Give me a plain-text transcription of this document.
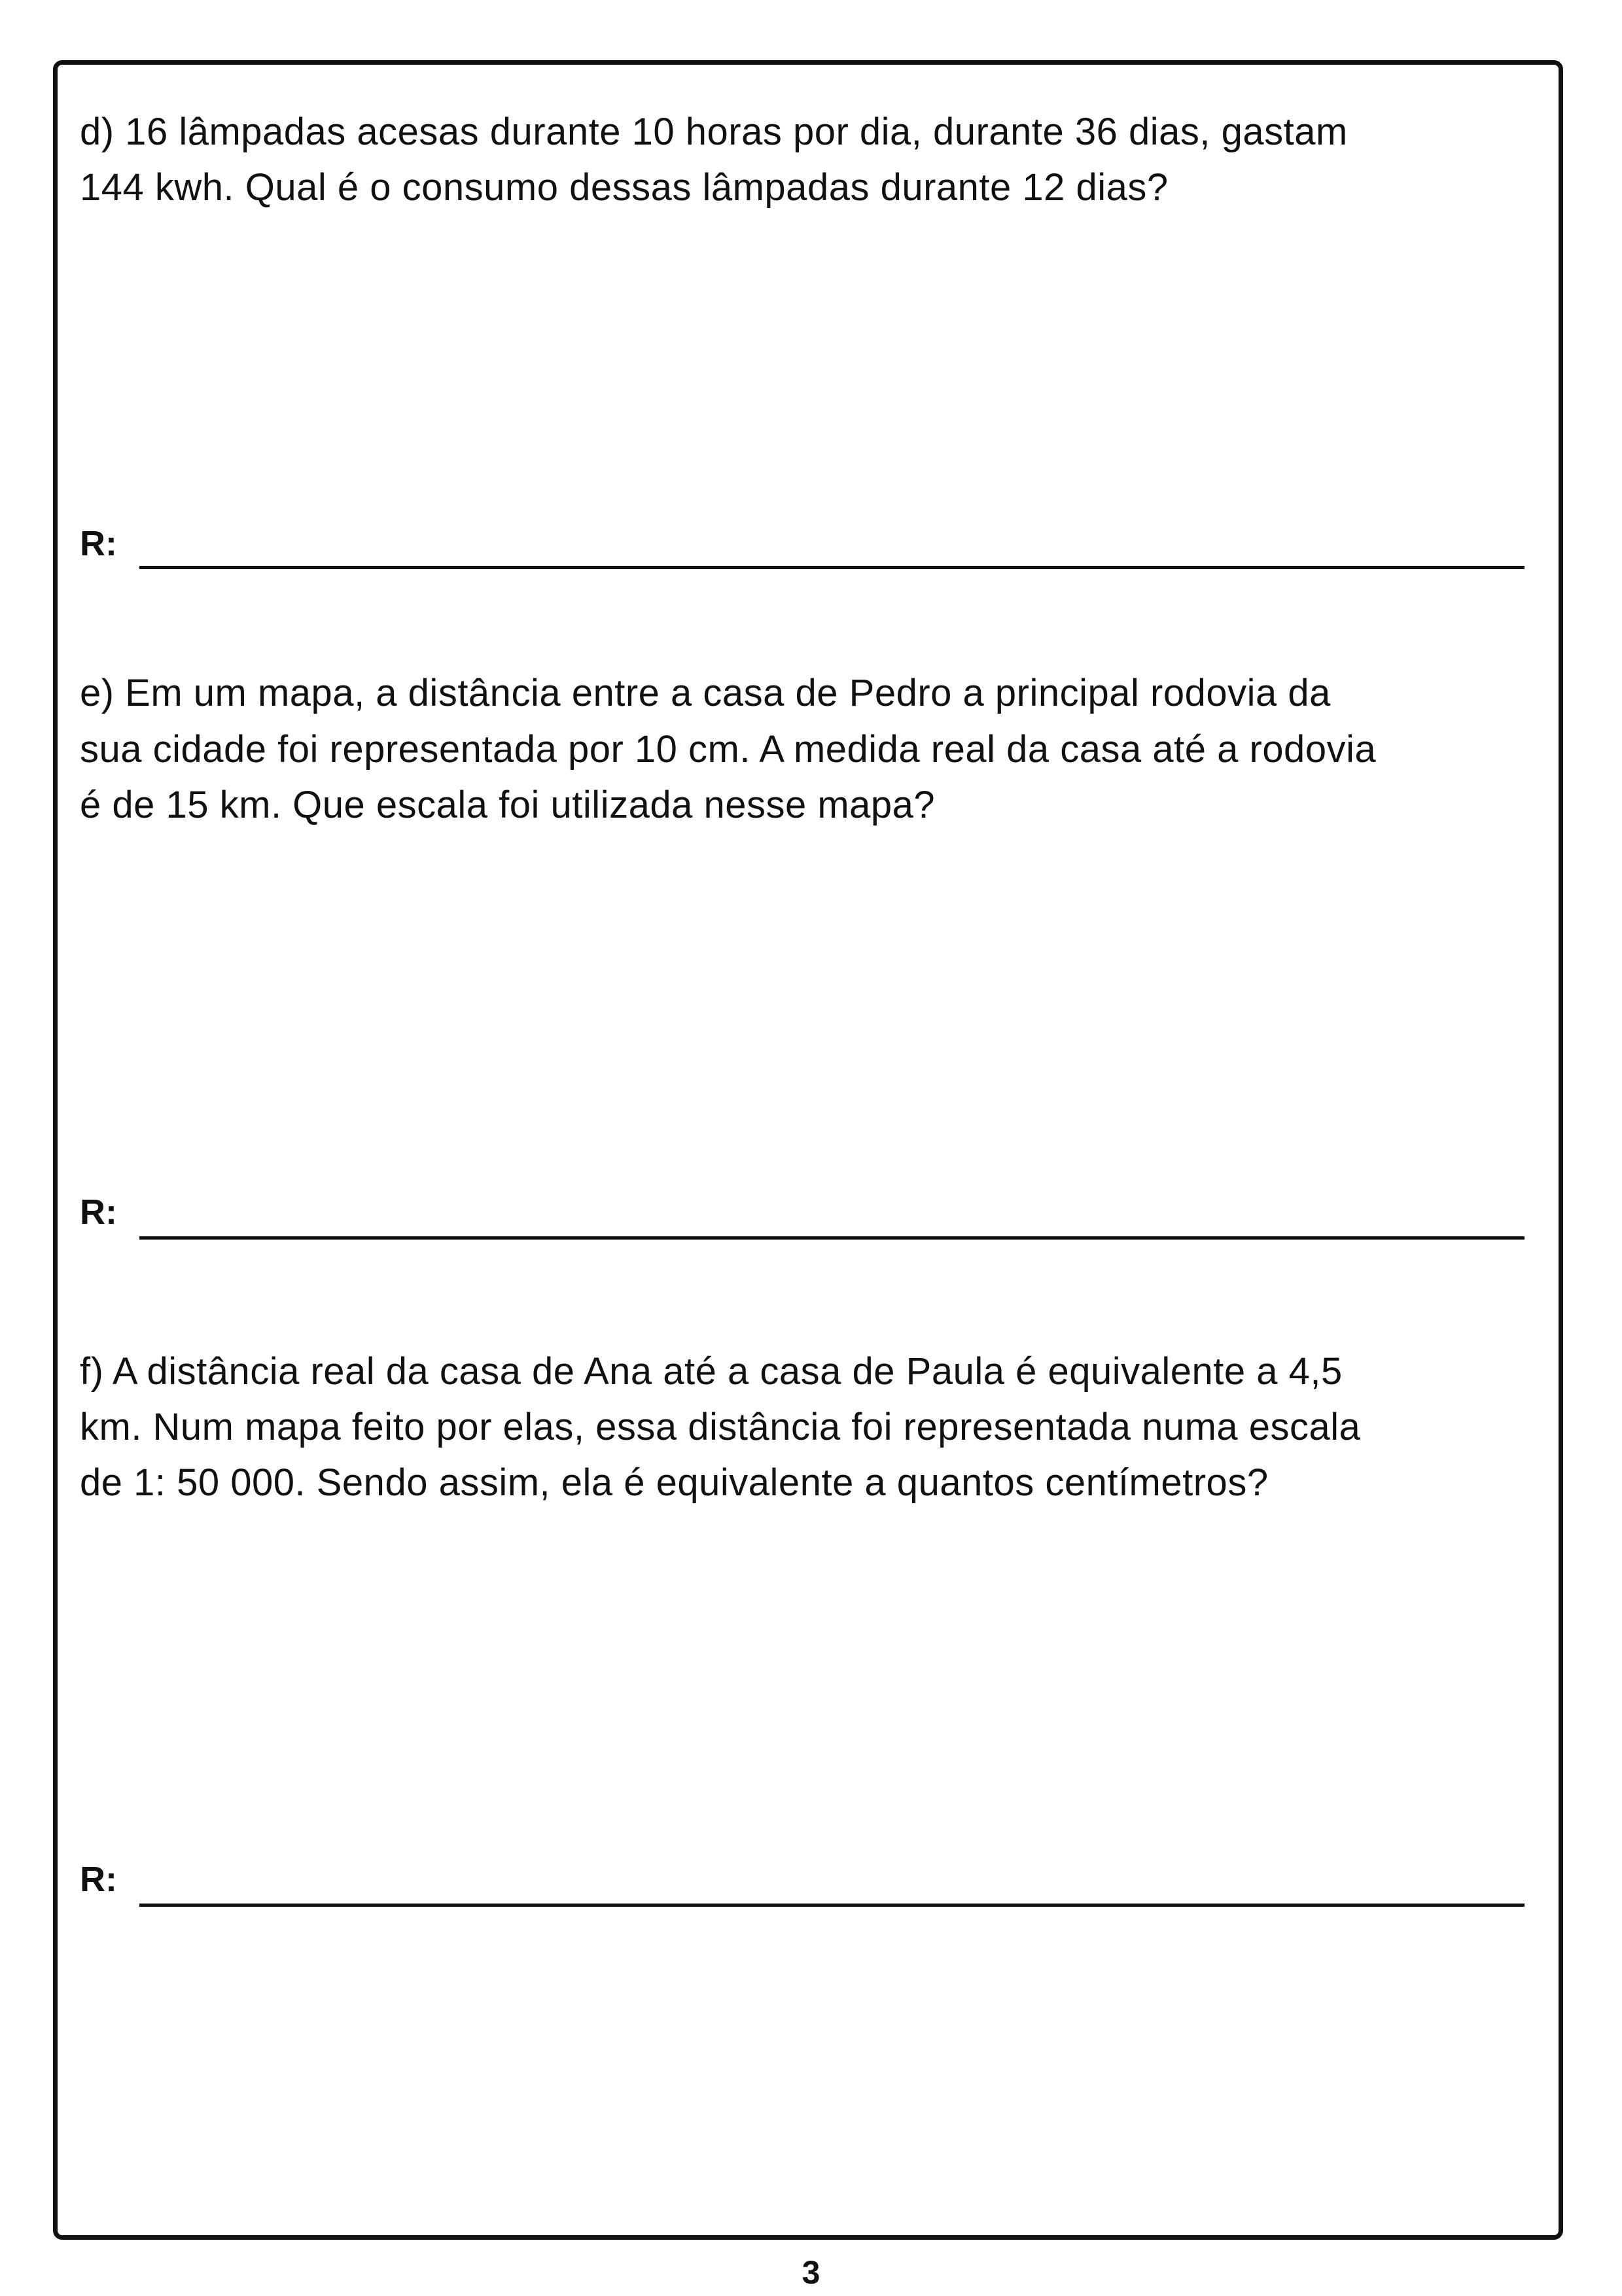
d) 16 lâmpadas acesas durante 10 horas por dia, durante 36 dias, gastam
144 kwh. Qual é o consumo dessas lâmpadas durante 12 dias?
R:
e) Em um mapa, a distância entre a casa de Pedro a principal rodovia da
sua cidade foi representada por 10 cm. A medida real da casa até a rodovia
é de 15 km. Que escala foi utilizada nesse mapa?
R:
f) A distância real da casa de Ana até a casa de Paula é equivalente a 4,5
km. Num mapa feito por elas, essa distância foi representada numa escala
de 1: 50 000. Sendo assim, ela é equivalente a quantos centímetros?
R:
3
